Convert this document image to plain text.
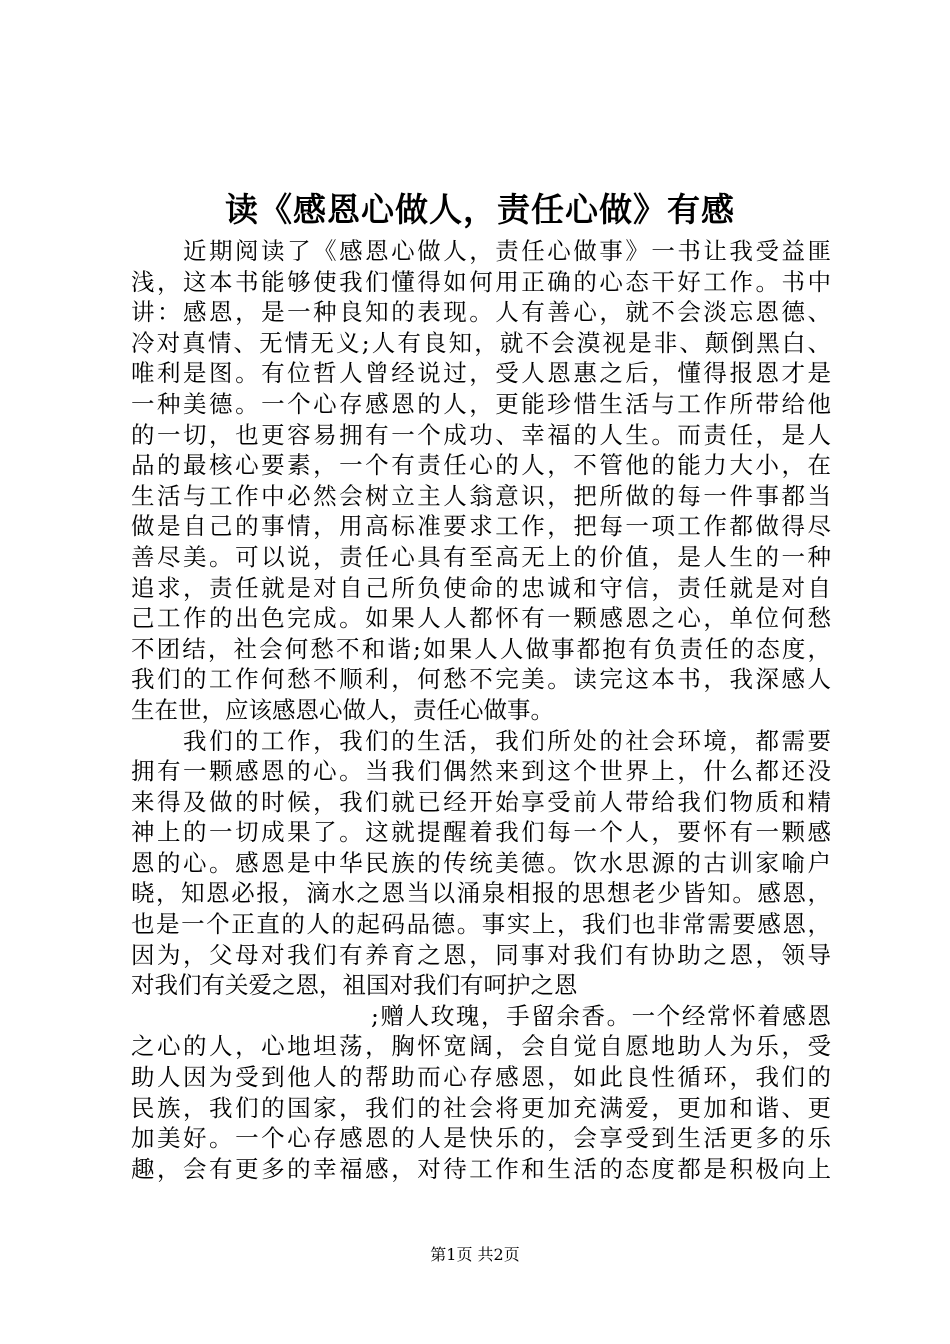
读《感恩心做人，责任心做》有感
近期阅读了《感恩心做人，责任心做事》一书让我受益匪
浅，这本书能够使我们懂得如何用正确的心态干好工作。书中
讲：感恩，是一种良知的表现。人有善心，就不会淡忘恩德、
冷对真情、无情无义;人有良知，就不会漠视是非、颠倒黑白、
唯利是图。有位哲人曾经说过，受人恩惠之后，懂得报恩才是
一种美德。一个心存感恩的人，更能珍惜生活与工作所带给他
的一切，也更容易拥有一个成功、幸福的人生。而责任，是人
品的最核心要素，一个有责任心的人，不管他的能力大小，在
生活与工作中必然会树立主人翁意识，把所做的每一件事都当
做是自己的事情，用高标准要求工作，把每一项工作都做得尽
善尽美。可以说，责任心具有至高无上的价值，是人生的一种
追求，责任就是对自己所负使命的忠诚和守信，责任就是对自
己工作的出色完成。如果人人都怀有一颗感恩之心，单位何愁
不团结，社会何愁不和谐;如果人人做事都抱有负责任的态度，
我们的工作何愁不顺利，何愁不完美。读完这本书，我深感人
生在世，应该感恩心做人，责任心做事。
我们的工作，我们的生活，我们所处的社会环境，都需要
拥有一颗感恩的心。当我们偶然来到这个世界上，什么都还没
来得及做的时候，我们就已经开始享受前人带给我们物质和精
神上的一切成果了。这就提醒着我们每一个人，要怀有一颗感
恩的心。感恩是中华民族的传统美德。饮水思源的古训家喻户
晓，知恩必报，滴水之恩当以涌泉相报的思想老少皆知。感恩，
也是一个正直的人的起码品德。事实上，我们也非常需要感恩，
因为，父母对我们有养育之恩，同事对我们有协助之恩，领导
对我们有关爱之恩，祖国对我们有呵护之恩
;赠人玫瑰，手留余香。一个经常怀着感恩
之心的人，心地坦荡，胸怀宽阔，会自觉自愿地助人为乐，受
助人因为受到他人的帮助而心存感恩，如此良性循环，我们的
民族，我们的国家，我们的社会将更加充满爱，更加和谐、更
加美好。一个心存感恩的人是快乐的，会享受到生活更多的乐
趣，会有更多的幸福感，对待工作和生活的态度都是积极向上
第1页 共2页
